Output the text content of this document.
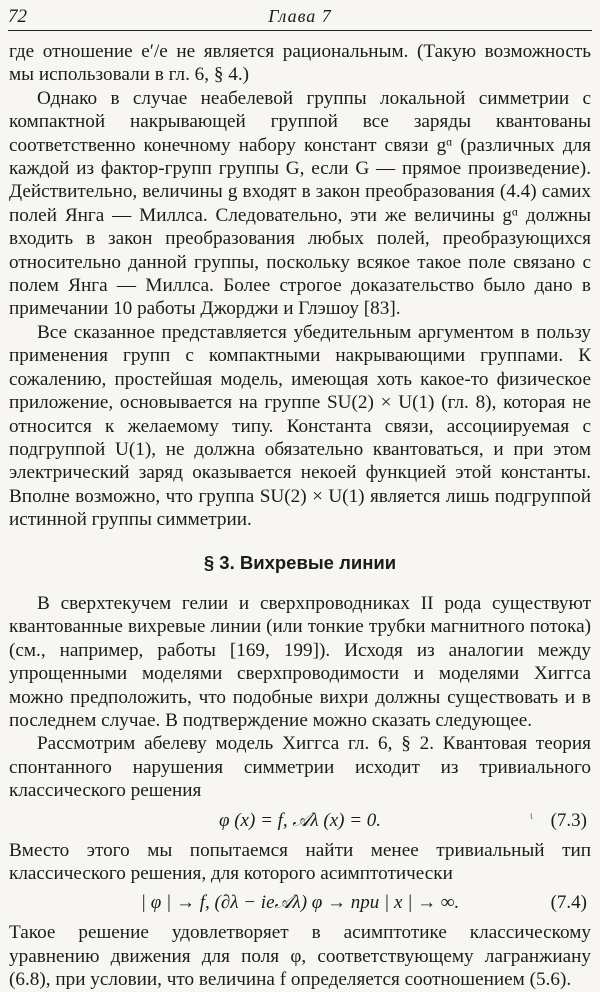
72	Глава 7

где отношение e′/e не является рациональным. (Такую возможность мы использовали в гл. 6, § 4.)

Однако в случае неабелевой группы локальной симметрии с компактной накрывающей группой все заряды квантованы соответственно конечному набору констант связи gᵅ (различных для каждой из фактор-групп группы G, если G — прямое произведение). Действительно, величины g входят в закон преобразования (4.4) самих полей Янга — Миллса. Следовательно, эти же величины gᵅ должны входить в закон преобразования любых полей, преобразующихся относительно данной группы, поскольку всякое такое поле связано с полем Янга — Миллса. Более строгое доказательство было дано в примечании 10 работы Джорджи и Глэшоу [83].

Все сказанное представляется убедительным аргументом в пользу применения групп с компактными накрывающими группами. К сожалению, простейшая модель, имеющая хоть какое-то физическое приложение, основывается на группе SU(2) × U(1) (гл. 8), которая не относится к желаемому типу. Константа связи, ассоциируемая с подгруппой U(1), не должна обязательно квантоваться, и при этом электрический заряд оказывается некоей функцией этой константы. Вполне возможно, что группа SU(2) × U(1) является лишь подгруппой истинной группы симметрии.

§ 3. Вихревые линии

В сверхтекучем гелии и сверхпроводниках II рода существуют квантованные вихревые линии (или тонкие трубки магнитного потока) (см., например, работы [169, 199]). Исходя из аналогии между упрощенными моделями сверхпроводимости и моделями Хиггса можно предположить, что подобные вихри должны существовать и в последнем случае. В подтверждение можно сказать следующее.

Рассмотрим абелеву модель Хиггса гл. 6, § 2. Квантовая теория спонтанного нарушения симметрии исходит из тривиального классического решения

ɩ
φ (x) = f, 𝒜λ (x) = 0.	(7.3)

Вместо этого мы попытаемся найти менее тривиальный тип классического решения, для которого асимптотически

| φ | → f, (∂λ − ie𝒜λ) φ → при | x | → ∞.	(7.4)

Такое решение удовлетворяет в асимптотике классическому уравнению движения для поля φ, соответствующему лагранжиану (6.8), при условии, что величина f определяется соотношением (5.6).
